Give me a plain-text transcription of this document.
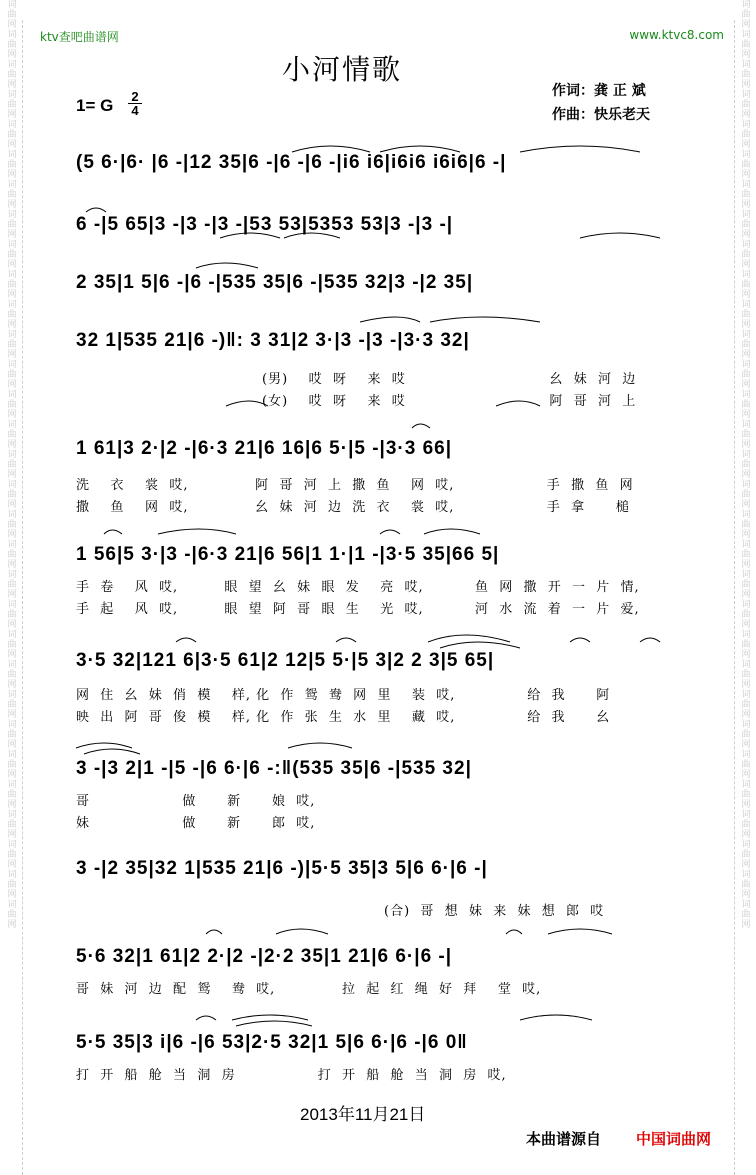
词曲网词曲网词曲网词曲网词曲网词曲网词曲网词曲网词曲网词曲网词曲网词曲网词曲网词曲网词曲网词曲网词曲网词曲网词曲网词曲网词曲网词曲网词曲网词曲网词曲网词曲网词曲网词曲网词曲网词曲网词曲网
词曲网词曲网词曲网词曲网词曲网词曲网词曲网词曲网词曲网词曲网词曲网词曲网词曲网词曲网词曲网词曲网词曲网词曲网词曲网词曲网词曲网词曲网词曲网词曲网词曲网词曲网词曲网词曲网词曲网词曲网词曲网
ktv查吧曲谱网	www.ktvc8.com
小河情歌
作词：龚 正 斌
作曲：快乐老天
1= G 2
4
(5 6·|6· |6 -|12 35|6 -|6 -|6 -|i6 i6|i6i6 i6i6|6 -|
6 -|5 65|3 -|3 -|3 -|53 53|5353 53|3 -|3 -|
2 35|1 5|6 -|6 -|535 35|6 -|535 32|3 -|2 35|
32 1|535 21|6 -)‖: 3 31|2 3·|3 -|3 -|3·3 32|
(男)    哎  呀    来  哎                            幺  妹  河  边
(女)    哎  呀    来  哎                            阿  哥  河  上
1 61|3 2·|2 -|6·3 21|6 16|6 5·|5 -|3·3 66|
洗    衣    裳  哎,             阿  哥  河  上  撒  鱼    网  哎,                  手  撒  鱼  网
撒    鱼    网  哎,             幺  妹  河  边  洗  衣    裳  哎,                  手  拿      槌
1 56|5 3·|3 -|6·3 21|6 56|1 1·|1 -|3·5 35|66 5|
手  卷    风  哎,         眼  望  幺  妹  眼  发    亮  哎,          鱼  网  撒  开  一  片  情,
手  起    风  哎,         眼  望  阿  哥  眼  生    光  哎,          河  水  流  着  一  片  爱,
3·5 32|121 6|3·5 61|2 12|5 5·|5 3|2 2 3|5 65|
网  住  幺  妹  俏  模    样, 化  作  鸳  鸯  网  里    装  哎,              给  我      阿
映  出  阿  哥  俊  模    样, 化  作  张  生  水  里    藏  哎,              给  我      幺
3 -|3 2|1 -|5 -|6 6·|6 -:‖(535 35|6 -|535 32|
哥                  做      新      娘  哎,
妹                  做      新      郎  哎,
3 -|2 35|32 1|535 21|6 -)|5·5 35|3 5|6 6·|6 -|
(合)  哥  想  妹  来  妹  想  郎  哎
5·6 32|1 61|2 2·|2 -|2·2 35|1 21|6 6·|6 -|
哥  妹  河  边  配  鸳    鸯  哎,             拉  起  红  绳  好  拜    堂  哎,
5·5 35|3 i|6 -|6 53|2·5 32|1 5|6 6·|6 -|6 0‖
打  开  船  舱  当  洞  房                打  开  船  舱  当  洞  房  哎,
2013年11月21日
本曲谱源自 中国词曲网
